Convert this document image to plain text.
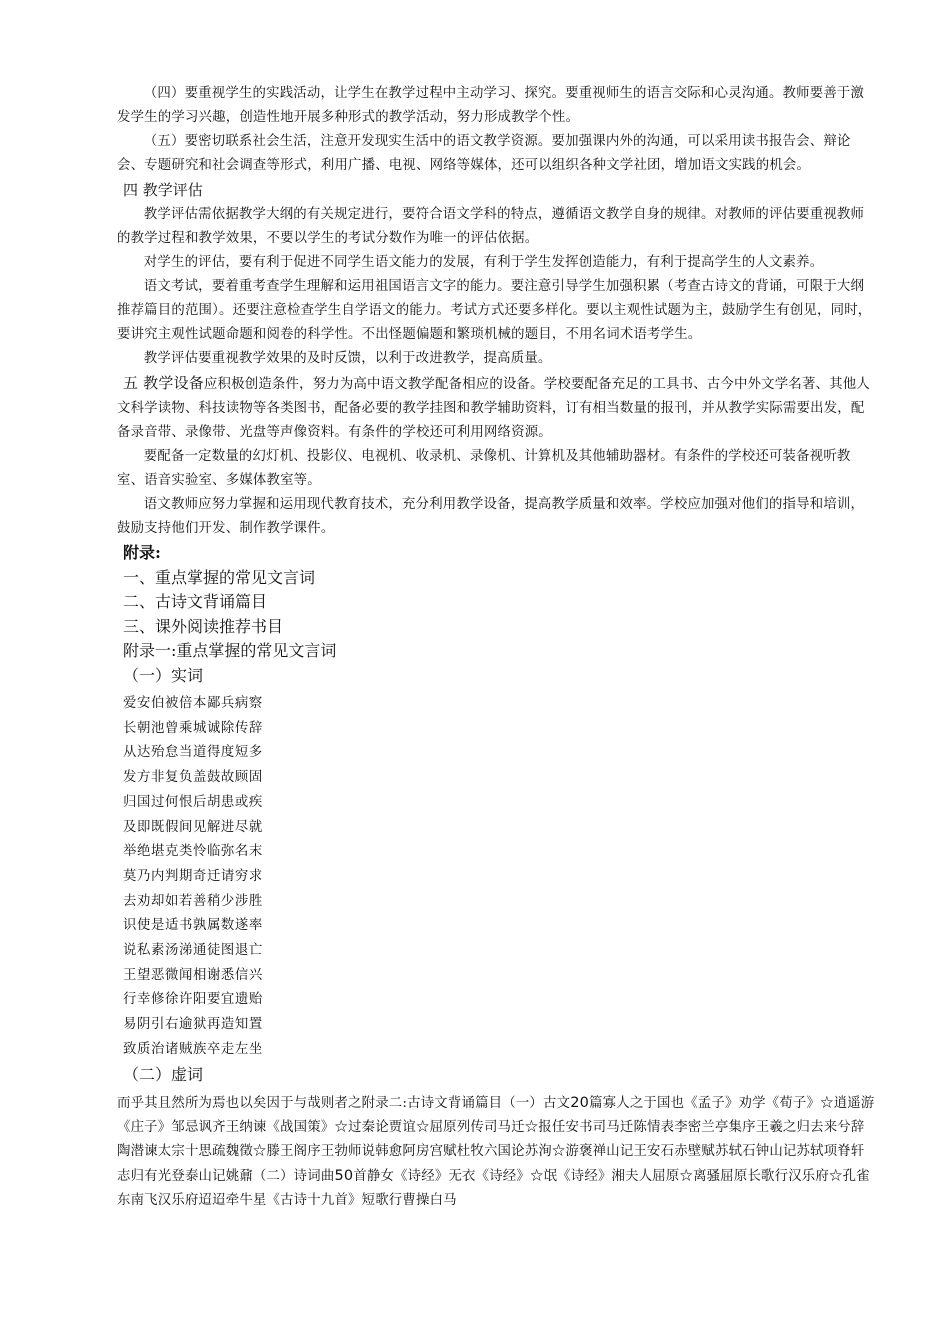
（四）要重视学生的实践活动，让学生在教学过程中主动学习、探究。要重视师生的语言交际和心灵沟通。教师要善于激发学生的学习兴趣，创造性地开展多种形式的教学活动，努力形成教学个性。

（五）要密切联系社会生活，注意开发现实生活中的语文教学资源。要加强课内外的沟通，可以采用读书报告会、辩论会、专题研究和社会调查等形式，利用广播、电视、网络等媒体，还可以组织各种文学社团，增加语文实践的机会。

四 教学评估

教学评估需依据教学大纲的有关规定进行，要符合语文学科的特点，遵循语文教学自身的规律。对教师的评估要重视教师的教学过程和教学效果，不要以学生的考试分数作为唯一的评估依据。

对学生的评估，要有利于促进不同学生语文能力的发展，有利于学生发挥创造能力，有利于提高学生的人文素养。

语文考试，要着重考查学生理解和运用祖国语言文字的能力。要注意引导学生加强积累（考查古诗文的背诵，可限于大纲推荐篇目的范围）。还要注意检查学生自学语文的能力。考试方式还要多样化。要以主观性试题为主，鼓励学生有创见，同时，要讲究主观性试题命题和阅卷的科学性。不出怪题偏题和繁琐机械的题目，不用名词术语考学生。

教学评估要重视教学效果的及时反馈，以利于改进教学，提高质量。

五 教学设备应积极创造条件，努力为高中语文教学配备相应的设备。学校要配备充足的工具书、古今中外文学名著、其他人文科学读物、科技读物等各类图书，配备必要的教学挂图和教学辅助资料，订有相当数量的报刊，并从教学实际需要出发，配备录音带、录像带、光盘等声像资料。有条件的学校还可利用网络资源。

要配备一定数量的幻灯机、投影仪、电视机、收录机、录像机、计算机及其他辅助器材。有条件的学校还可装备视听教室、语音实验室、多媒体教室等。

语文教师应努力掌握和运用现代教育技术，充分利用教学设备，提高教学质量和效率。学校应加强对他们的指导和培训，鼓励支持他们开发、制作教学课件。

附录:

一、重点掌握的常见文言词

二、古诗文背诵篇目

三、课外阅读推荐书目

附录一:重点掌握的常见文言词

（一）实词

爱安伯被倍本鄙兵病察

长朝池曾乘城诚除传辞

从达殆怠当道得度短多

发方非复负盖鼓故顾固

归国过何恨后胡患或疾

及即既假间见解进尽就

举绝堪克类怜临弥名末

莫乃内判期奇迁请穷求

去劝却如若善稍少涉胜

识使是适书孰属数遂率

说私素汤涕通徒图退亡

王望恶微闻相谢悉信兴

行幸修徐许阳要宜遗贻

易阴引右逾狱再造知置

致质治诸贼族卒走左坐

（二）虚词

而乎其且然所为焉也以矣因于与哉则者之附录二:古诗文背诵篇目（一）古文20篇寡人之于国也《孟子》劝学《荀子》☆逍遥游《庄子》邹忌讽齐王纳谏《战国策》☆过秦论贾谊☆屈原列传司马迁☆报任安书司马迁陈情表李密兰亭集序王羲之归去来兮辞陶潜谏太宗十思疏魏徵☆滕王阁序王勃师说韩愈阿房宫赋杜牧六国论苏洵☆游褒禅山记王安石赤壁赋苏轼石钟山记苏轼项脊轩志归有光登泰山记姚鼐（二）诗词曲50首静女《诗经》无衣《诗经》☆氓《诗经》湘夫人屈原☆离骚屈原长歌行汉乐府☆孔雀东南飞汉乐府迢迢牵牛星《古诗十九首》短歌行曹操白马
